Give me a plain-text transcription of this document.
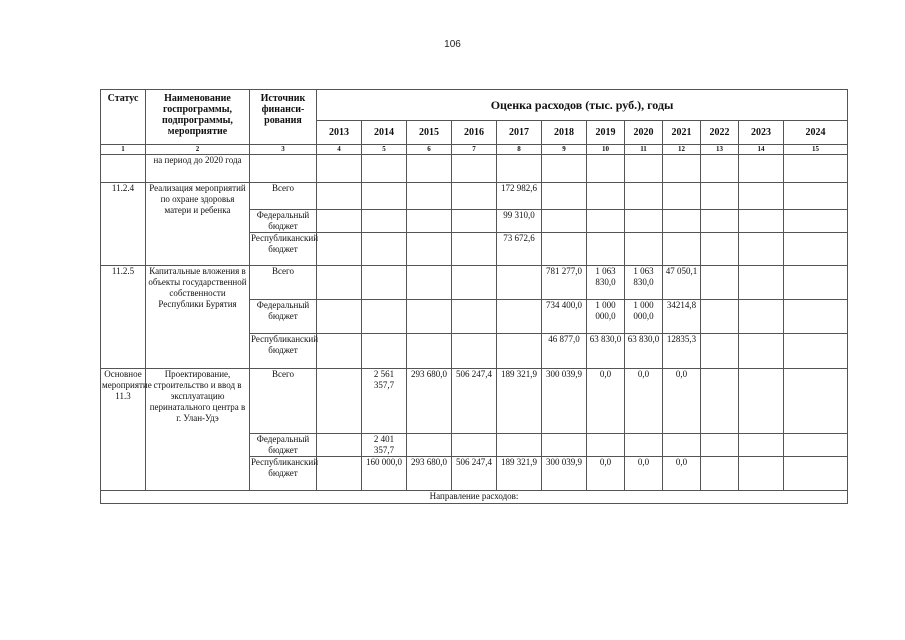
106
Статус	Наименование госпрограммы, подпрограммы, мероприятие	Источник финанси-рования	Оценка расходов (тыс. руб.), годы											
			2013	2014	2015	2016	2017	2018	2019	2020	2021	2022	2023	2024
1	2	3	4	5	6	7	8	9	10	11	12	13	14	15
	на период до 2020 года													
11.2.4	Реализация мероприятий по охране здоровья матери и ребенка	Всего					172 982,6							
		Федеральный бюджет					99 310,0							
		Республиканский бюджет					73 672,6							
11.2.5	Капитальные вложения в объекты государственной собственности Республики Бурятия	Всего						781 277,0	1 063 830,0	1 063 830,0	47 050,1			
		Федеральный бюджет						734 400,0	1 000 000,0	1 000 000,0	34214,8			
		Республиканский бюджет						46 877,0	63 830,0	63 830,0	12835,3			
Основное мероприятие 11.3	Проектирование, строительство и ввод в эксплуатацию перинатального центра в г. Улан-Удэ	Всего		2 561 357,7	293 680,0	506 247,4	189 321,9	300 039,9	0,0	0,0	0,0			
		Федеральный бюджет		2 401 357,7										
		Республиканский бюджет		160 000,0	293 680,0	506 247,4	189 321,9	300 039,9	0,0	0,0	0,0			
Направление расходов:														
